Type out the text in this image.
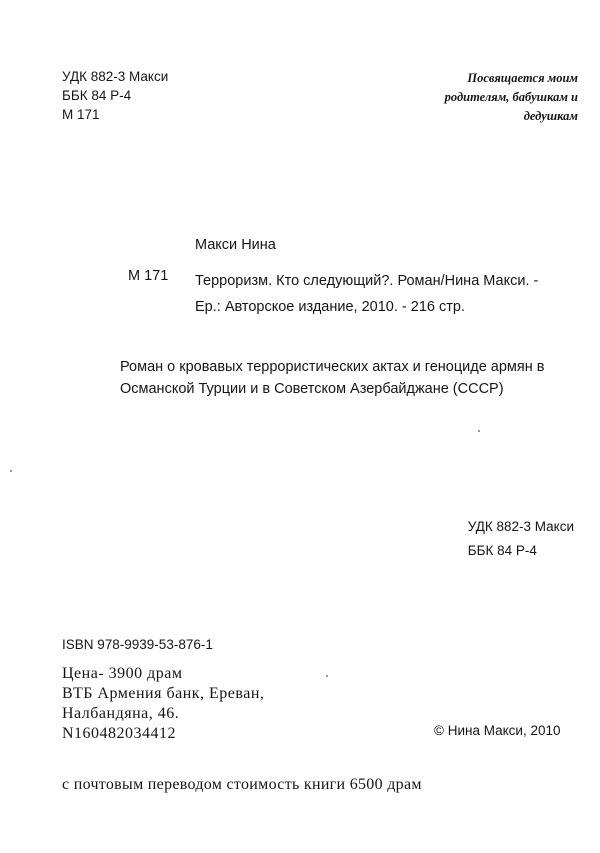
УДК 882-3 Макси
ББК 84 Р-4
М 171
Посвящается моим
родителям, бабушкам и
дедушкам
Макси Нина
М 171 Терроризм. Кто следующий?. Роман/Нина Макси. -
Ер.: Авторское издание, 2010. - 216 стр.
Роман о кровавых террористических актах и геноциде армян в Османской Турции и в Советском Азербайджане (СССР)
УДК 882-3 Макси
ББК 84 Р-4
ISBN 978-9939-53-876-1
Цена- 3900 драм
ВТБ Армения банк, Ереван,
Налбандяна, 46.
N160482034412	© Нина Макси, 2010
с почтовым переводом стоимость книги 6500 драм
